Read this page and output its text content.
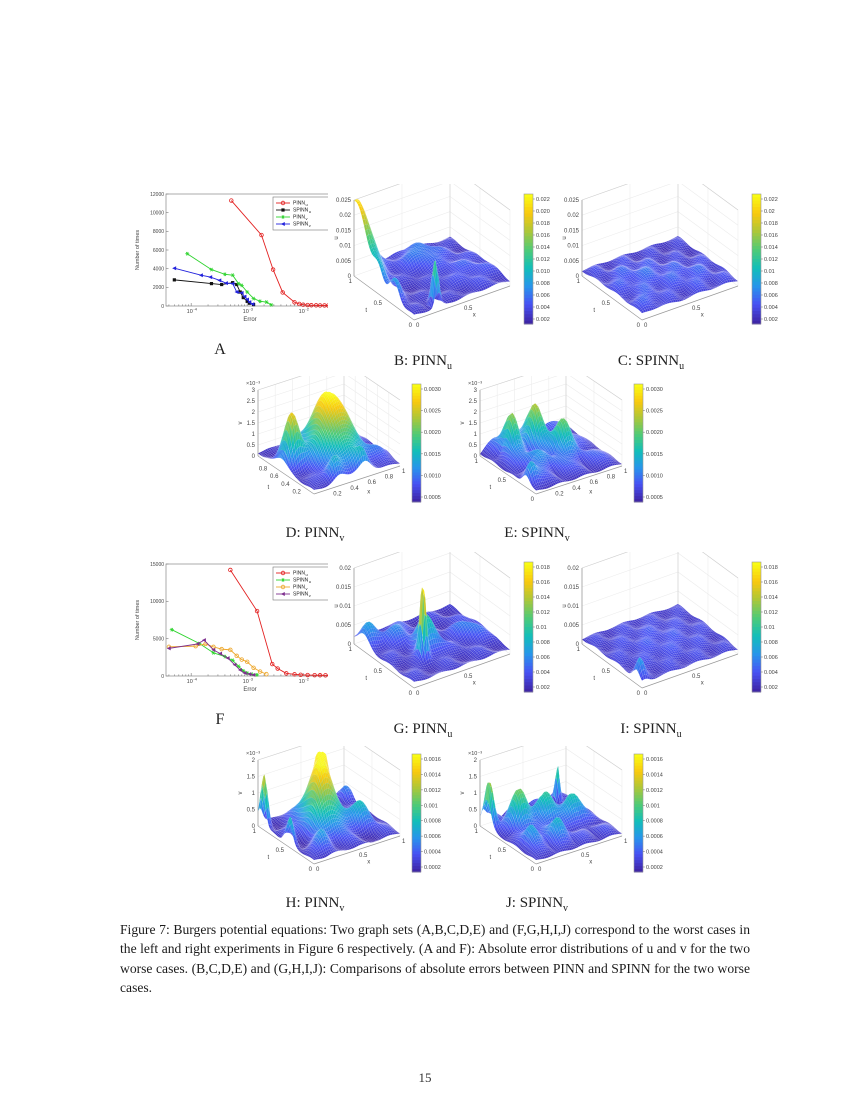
A
B: $PINN_u$	C: $SPINN_u$
D: $PINN_v$	E: $SPINN_v$
F
G: $PINN_u$	I: $SPINN_u$
H: $PINN_v$	J: $SPINN_v$

Figure 7: Burgers potential equations: Two graph sets (A,B,C,D,E) and (F,G,H,I,J) correspond to the worst cases in the left and right experiments in Figure 6 respectively. (A and F): Absolute error distributions of u and v for the two worse cases. (B,C,D,E) and (G,H,I,J): Comparisons of absolute errors between PINN and SPINN for the two worse cases.

15
